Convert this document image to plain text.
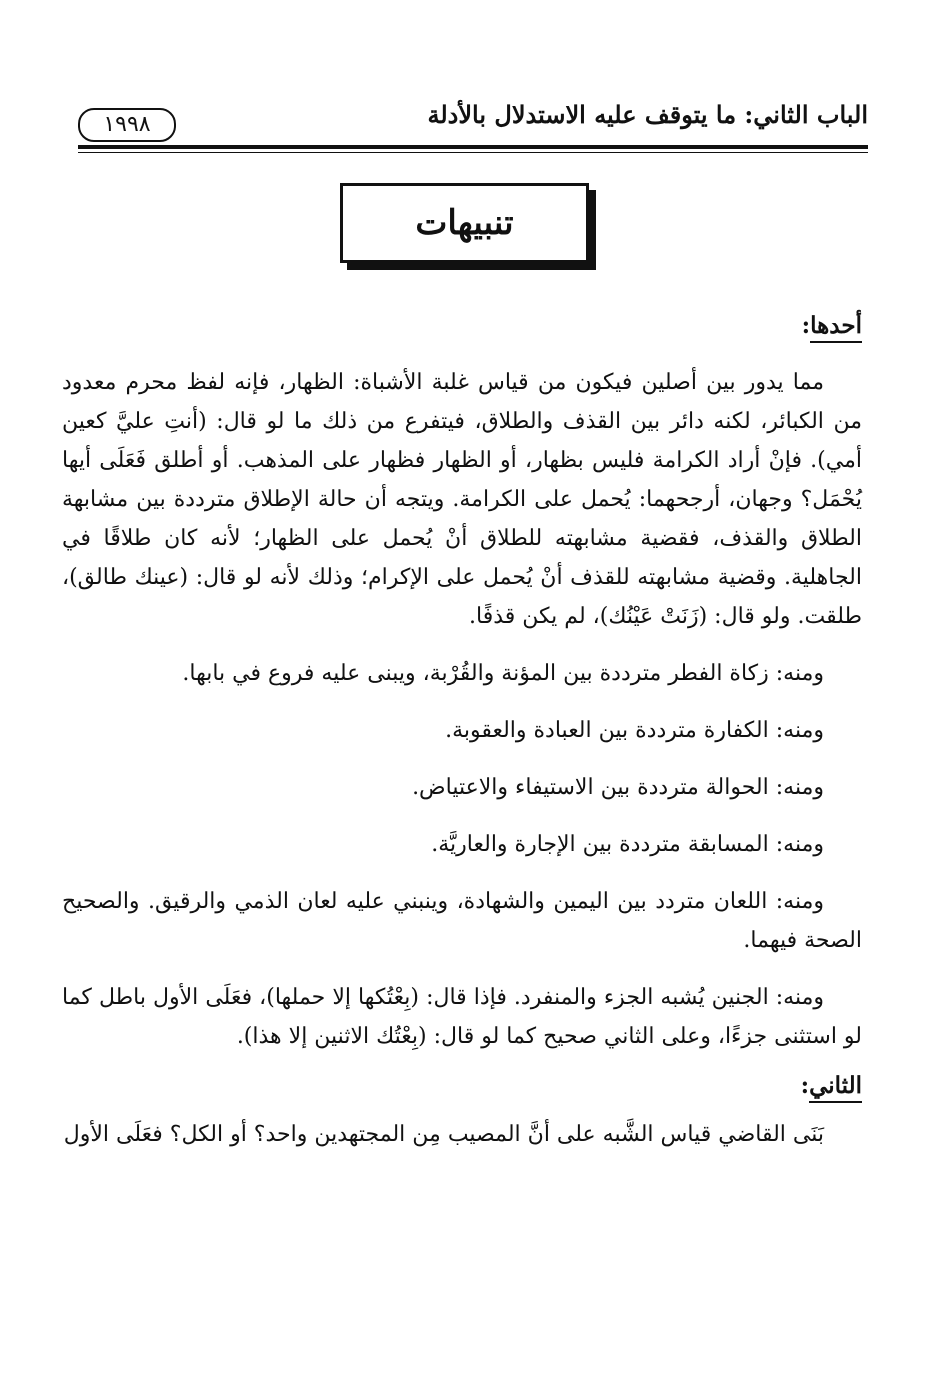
١٩٩٨	الباب الثاني: ما يتوقف عليه الاستدلال بالأدلة
تنبيهات
أحدها:

مما يدور بين أصلين فيكون من قياس غلبة الأشباة: الظهار، فإنه لفظ محرم معدود من الكبائر، لكنه دائر بين القذف والطلاق، فيتفرع من ذلك ما لو قال: (أنتِ عليَّ كعين أمي). فإنْ أراد الكرامة فليس بظهار، أو الظهار فظهار على المذهب. أو أطلق فَعَلَى أيها يُحْمَل؟ وجهان، أرجحهما: يُحمل على الكرامة. ويتجه أن حالة الإطلاق مترددة بين مشابهة الطلاق والقذف، فقضية مشابهته للطلاق أنْ يُحمل على الظهار؛ لأنه كان طلاقًا في الجاهلية. وقضية مشابهته للقذف أنْ يُحمل على الإكرام؛ وذلك لأنه لو قال: (عينك طالق)، طلقت. ولو قال: (زَنَتْ عَيْنُك)، لم يكن قذفًا.

ومنه: زكاة الفطر مترددة بين المؤنة والقُرْبة، ويبنى عليه فروع في بابها.

ومنه: الكفارة مترددة بين العبادة والعقوبة.

ومنه: الحوالة مترددة بين الاستيفاء والاعتياض.

ومنه: المسابقة مترددة بين الإجارة والعاريَّة.

ومنه: اللعان متردد بين اليمين والشهادة، وينبني عليه لعان الذمي والرقيق. والصحيح الصحة فيهما.

ومنه: الجنين يُشبه الجزء والمنفرد. فإذا قال: (بِعْتُكها إلا حملها)، فعَلَى الأول باطل كما لو استثنى جزءًا، وعلى الثاني صحيح كما لو قال: (بِعْتُك الاثنين إلا هذا).

الثاني:

بَنَى القاضي قياس الشَّبه على أنَّ المصيب مِن المجتهدين واحد؟ أو الكل؟ فعَلَى الأول
